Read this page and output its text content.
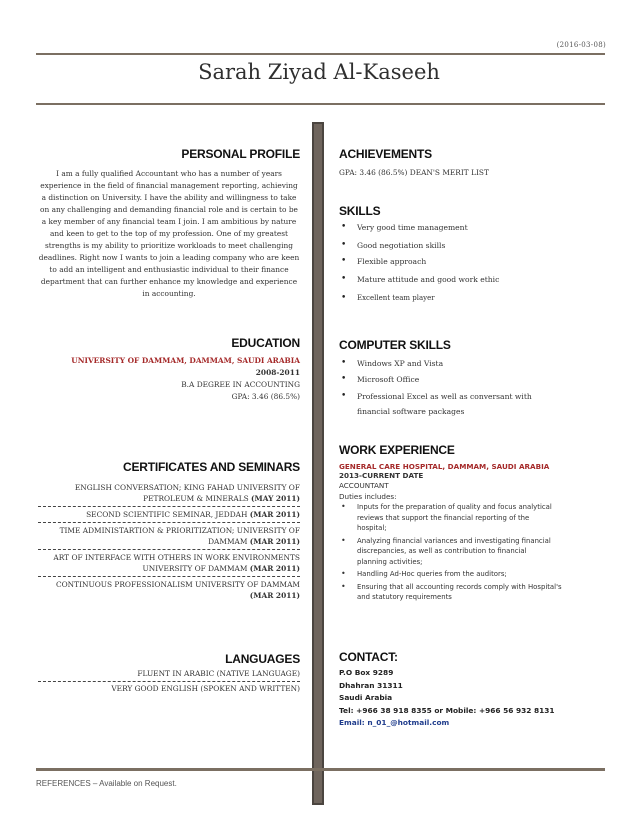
(2016-03-08)
Sarah Ziyad Al-Kaseeh
PERSONAL PROFILE
I am a fully qualified Accountant who has a number of years experience in the field of financial management reporting, achieving a distinction on University. I have the ability and willingness to take on any challenging and demanding financial role and is certain to be a key member of any financial team I join. I am ambitious by nature and keen to get to the top of my profession. One of my greatest strengths is my ability to prioritize workloads to meet challenging deadlines. Right now I wants to join a leading company who are keen to add an intelligent and enthusiastic individual to their finance department that can further enhance my knowledge and experience in accounting.
EDUCATION
UNIVERSITY OF DAMMAM, DAMMAM, SAUDI ARABIA
2008-2011
B.A DEGREE IN ACCOUNTING
GPA: 3.46 (86.5%)
CERTIFICATES AND SEMINARS
ENGLISH CONVERSATION; KING FAHAD UNIVERSITY OF PETROLEUM & MINERALS (MAY 2011)
SECOND SCIENTIFIC SEMINAR, JEDDAH (MAR 2011)
TIME ADMINISTARTION & PRIORITIZATION; UNIVERSITY OF DAMMAM (MAR 2011)
ART OF INTERFACE WITH OTHERS IN WORK ENVIRONMENTS UNIVERSITY OF DAMMAM (MAR 2011)
CONTINUOUS PROFESSIONALISM UNIVERSITY OF DAMMAM (MAR 2011)
LANGUAGES
FLUENT IN ARABIC (NATIVE LANGUAGE)
VERY GOOD ENGLISH (SPOKEN AND WRITTEN)
ACHIEVEMENTS
GPA: 3.46 (86.5%) DEAN'S MERIT LIST
SKILLS
• Very good time management
• Good negotiation skills
• Flexible approach
• Mature attitude and good work ethic
• Excellent team player
COMPUTER SKILLS
• Windows XP and Vista
• Microsoft Office
• Professional Excel as well as conversant with financial software packages
WORK EXPERIENCE
GENERAL CARE HOSPITAL, DAMMAM, SAUDI ARABIA
2013-CURRENT DATE
ACCOUNTANT
Duties includes:
• Inputs for the preparation of quality and focus analytical reviews that support the financial reporting of the hospital;
• Analyzing financial variances and investigating financial discrepancies, as well as contribution to financial planning activities;
• Handling Ad-Hoc queries from the auditors;
• Ensuring that all accounting records comply with Hospital's and statutory requirements
CONTACT:
P.O Box 9289
Dhahran 31311
Saudi Arabia
Tel: +966 38 918 8355 or Mobile: +966 56 932 8131
Email: n_01_@hotmail.com
REFERENCES – Available on Request.
